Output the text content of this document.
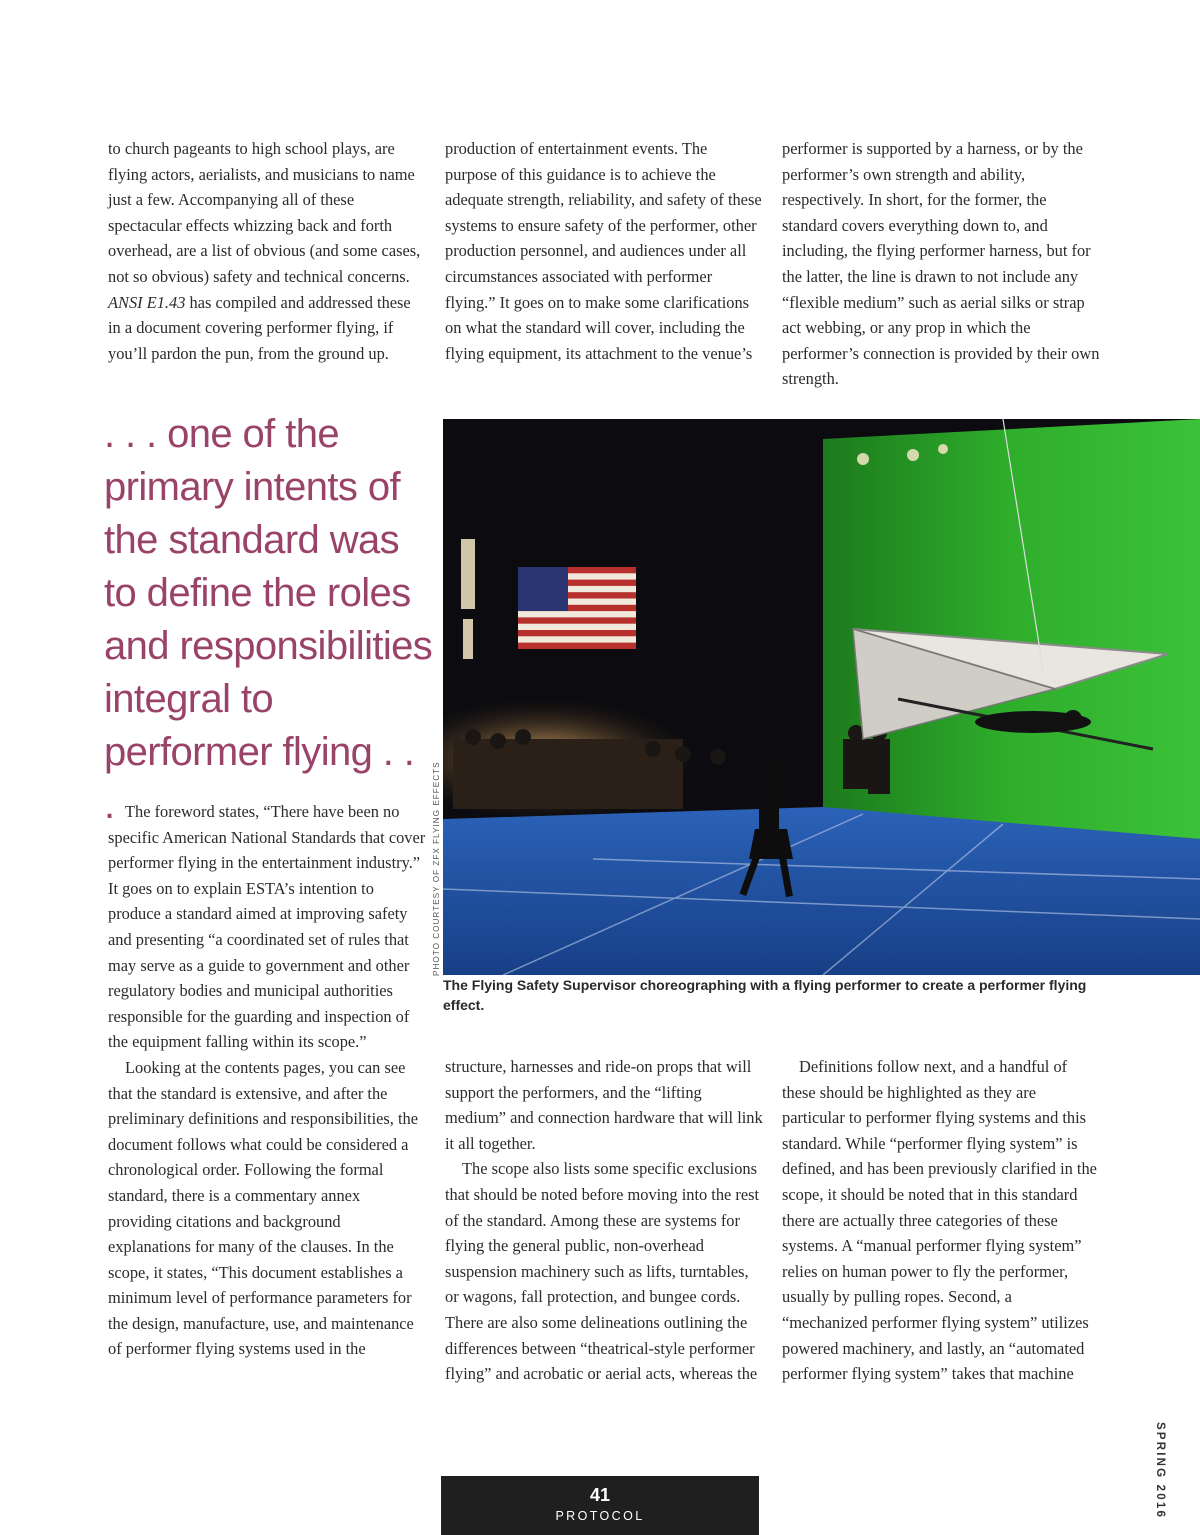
to church pageants to high school plays, are flying actors, aerialists, and musicians to name just a few. Accompanying all of these spectacular effects whizzing back and forth overhead, are a list of obvious (and some cases, not so obvious) safety and technical concerns. ANSI E1.43 has compiled and addressed these in a document covering performer flying, if you’ll pardon the pun, from the ground up.

production of entertainment events. The purpose of this guidance is to achieve the adequate strength, reliability, and safety of these systems to ensure safety of the performer, other production personnel, and audiences under all circumstances associated with performer flying.” It goes on to make some clarifications on what the standard will cover, including the flying equipment, its attachment to the venue’s

performer is supported by a harness, or by the performer’s own strength and ability, respectively. In short, for the former, the standard covers everything down to, and including, the flying performer harness, but for the latter, the line is drawn to not include any “flexible medium” such as aerial silks or strap act webbing, or any prop in which the performer’s connection is provided by their own strength.

. . . one of the primary intents of the standard was to define the roles and responsibilities integral to performer flying . . .	PHOTO COURTESY OF ZFX FLYING EFFECTS
The Flying Safety Supervisor choreographing with a flying performer to create a performer flying effect.

The foreword states, “There have been no specific American National Standards that cover performer flying in the entertainment industry.” It goes on to explain ESTA’s intention to produce a standard aimed at improving safety and presenting “a coordinated set of rules that may serve as a guide to government and other regulatory bodies and municipal authorities responsible for the guarding and inspection of the equipment falling within its scope.”

Looking at the contents pages, you can see that the standard is extensive, and after the preliminary definitions and responsibilities, the document follows what could be considered a chronological order. Following the formal standard, there is a commentary annex providing citations and background explanations for many of the clauses. In the scope, it states, “This document establishes a minimum level of performance parameters for the design, manufacture, use, and maintenance of performer flying systems used in the

structure, harnesses and ride-on props that will support the performers, and the “lifting medium” and connection hardware that will link it all together.

The scope also lists some specific exclusions that should be noted before moving into the rest of the standard. Among these are systems for flying the general public, non-overhead suspension machinery such as lifts, turntables, or wagons, fall protection, and bungee cords. There are also some delineations outlining the differences between “theatrical-style performer flying” and acrobatic or aerial acts, whereas the

Definitions follow next, and a handful of these should be highlighted as they are particular to performer flying systems and this standard. While “performer flying system” is defined, and has been previously clarified in the scope, it should be noted that in this standard there are actually three categories of these systems. A “manual performer flying system” relies on human power to fly the performer, usually by pulling ropes. Second, a “mechanized performer flying system” utilizes powered machinery, and lastly, an “automated performer flying system” takes that machine

41
PROTOCOL	SPRING 2016
